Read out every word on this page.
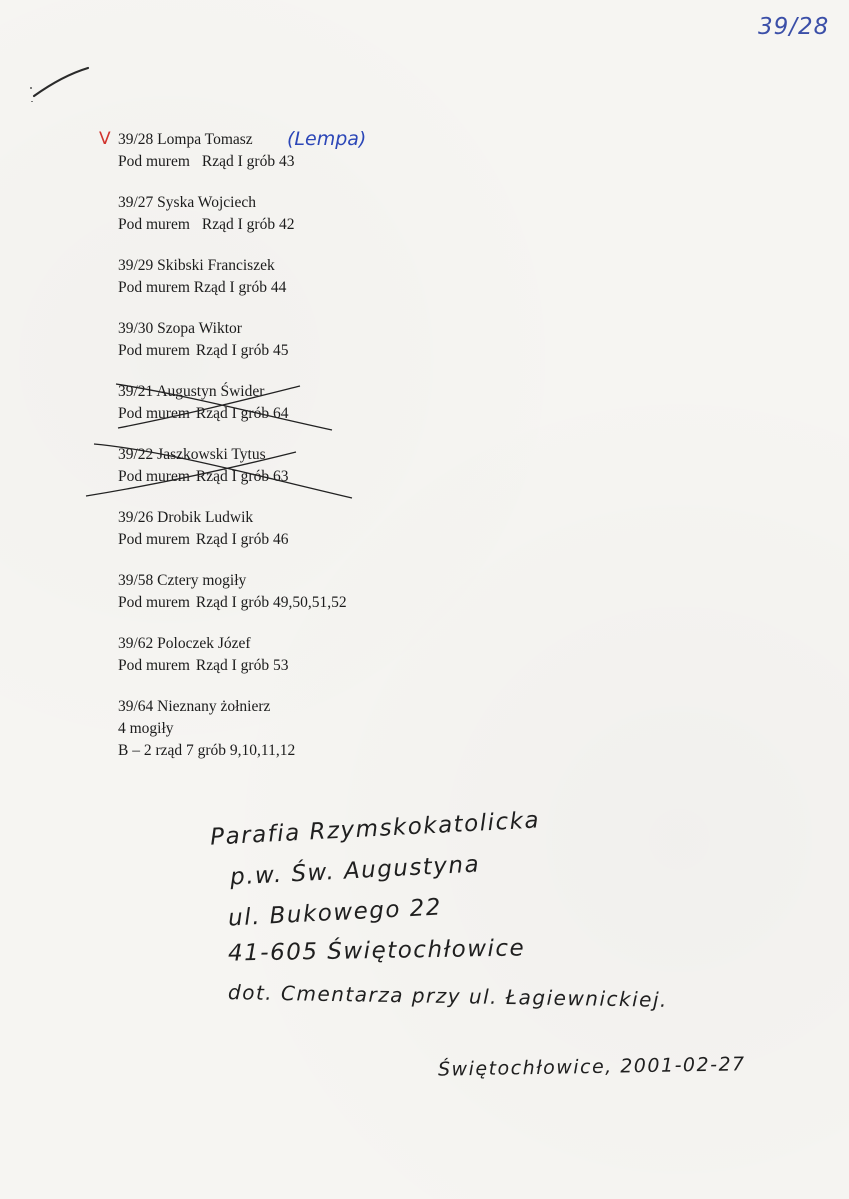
39/28
V 39/28 Lompa Tomasz
Pod murem Rząd I grób 43
(Lempa)
39/27 Syska Wojciech
Pod murem Rząd I grób 42
39/29 Skibski Franciszek
Pod murem Rząd I grób 44
39/30 Szopa Wiktor
Pod murem Rząd I grób 45
39/21 Augustyn Świder
Pod murem Rząd I grób 64
39/22 Jaszkowski Tytus
Pod murem Rząd I grób 63
39/26 Drobik Ludwik
Pod murem Rząd I grób 46
39/58 Cztery mogiły
Pod murem Rząd I grób 49,50,51,52
39/62 Poloczek Józef
Pod murem Rząd I grób 53
39/64 Nieznany żołnierz
4 mogiły
B – 2 rząd 7 grób 9,10,11,12
Parafia Rzymskokatolicka
p.w. Św. Augustyna
ul. Bukowego 22
41-605 Świętochłowice
dot. Cmentarza przy ul. Łagiewnickiej.
Świętochłowice, 2001-02-27
